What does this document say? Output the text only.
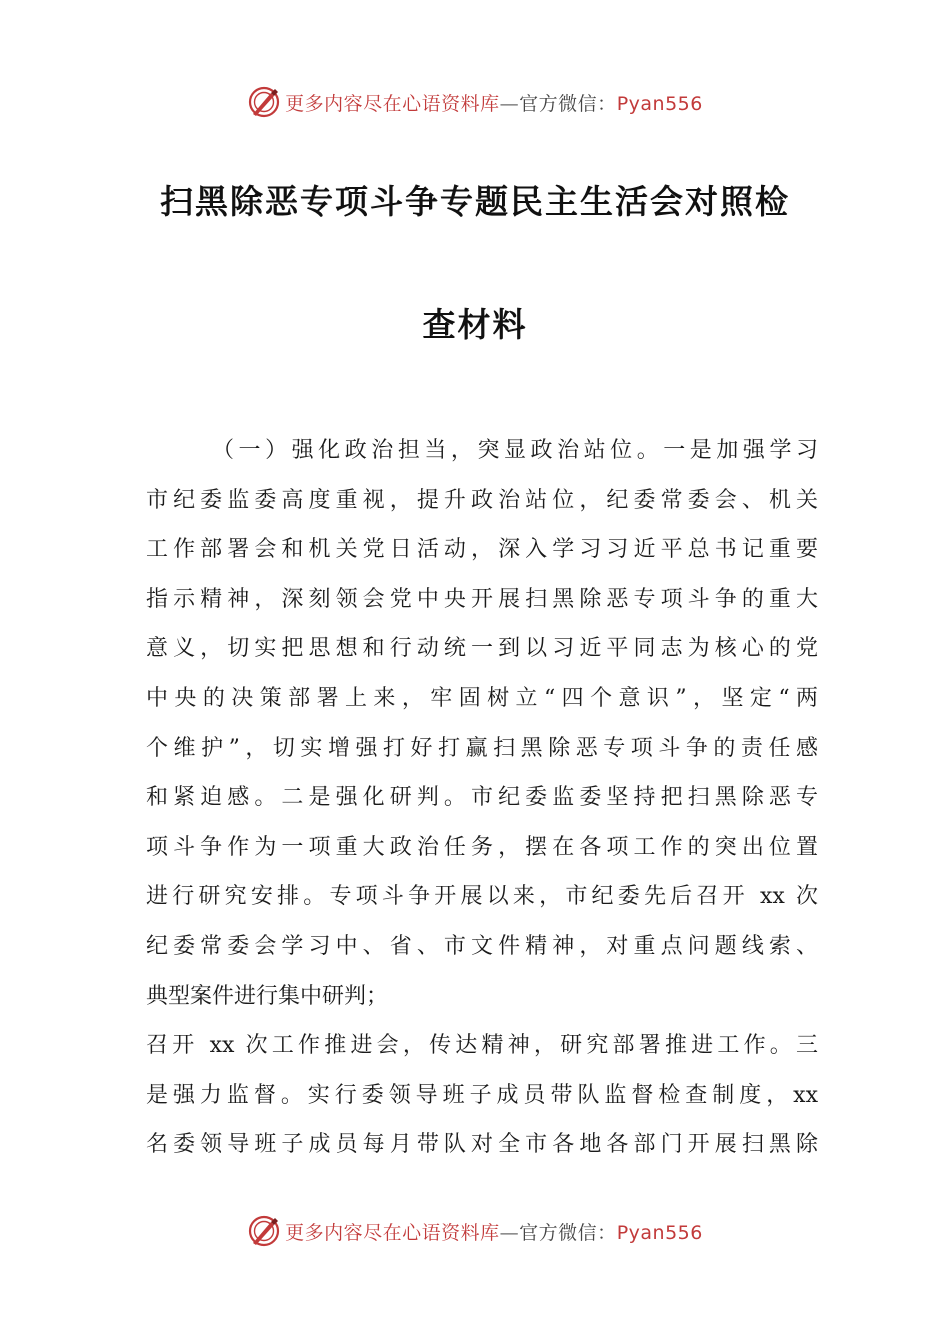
更多内容尽在心语资料库—官方微信：Pyan556
扫黑除恶专项斗争专题民主生活会对照检
查材料
（一）强化政治担当，突显政治站位。一是加强学习
市纪委监委高度重视，提升政治站位，纪委常委会、机关
工作部署会和机关党日活动，深入学习习近平总书记重要
指示精神，深刻领会党中央开展扫黑除恶专项斗争的重大
意义，切实把思想和行动统一到以习近平同志为核心的党
中央的决策部署上来，牢固树立“四个意识”，坚定“两
个维护”，切实增强打好打赢扫黑除恶专项斗争的责任感
和紧迫感。二是强化研判。市纪委监委坚持把扫黑除恶专
项斗争作为一项重大政治任务，摆在各项工作的突出位置
进行研究安排。专项斗争开展以来，市纪委先后召开 xx 次
纪委常委会学习中、省、市文件精神，对重点问题线索、
典型案件进行集中研判；
召开 xx 次工作推进会，传达精神，研究部署推进工作。三
是强力监督。实行委领导班子成员带队监督检查制度，xx
名委领导班子成员每月带队对全市各地各部门开展扫黑除
更多内容尽在心语资料库—官方微信：Pyan556
